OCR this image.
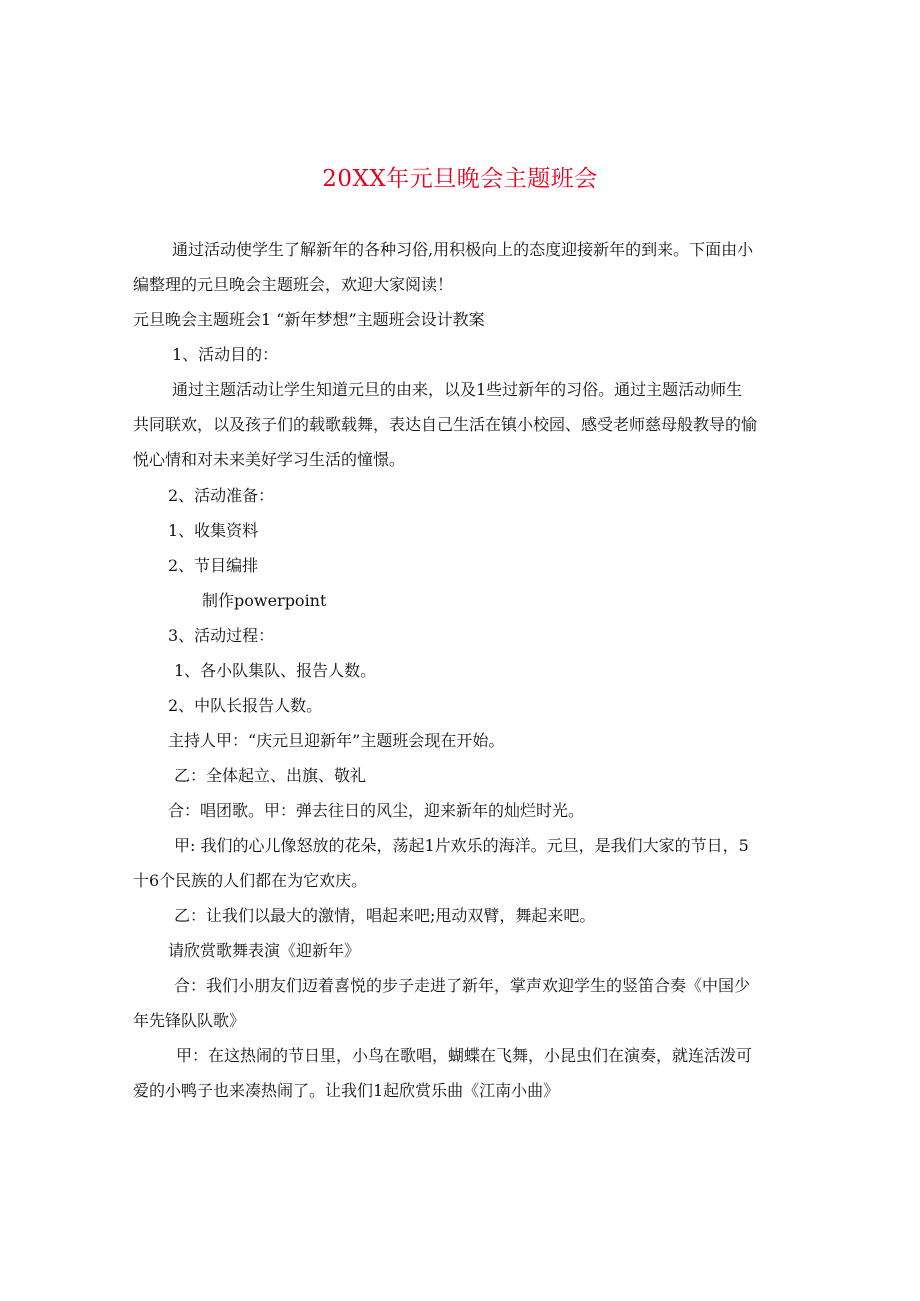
20XX年元旦晚会主题班会
通过活动使学生了解新年的各种习俗,用积极向上的态度迎接新年的到来。下面由小
编整理的元旦晚会主题班会，欢迎大家阅读！
元旦晚会主题班会1 “新年梦想”主题班会设计教案
1、活动目的：
通过主题活动让学生知道元旦的由来，以及1些过新年的习俗。通过主题活动师生
共同联欢，以及孩子们的载歌载舞，表达自己生活在镇小校园、感受老师慈母般教导的愉
悦心情和对未来美好学习生活的憧憬。
2、活动准备：
1、收集资料
2、节目编排
制作powerpoint
3、活动过程：
1、各小队集队、报告人数。
2、中队长报告人数。
主持人甲：“庆元旦迎新年”主题班会现在开始。
乙：全体起立、出旗、敬礼
合：唱团歌。甲：弹去往日的风尘，迎来新年的灿烂时光。
甲: 我们的心儿像怒放的花朵，荡起1片欢乐的海洋。元旦，是我们大家的节日，5
十6个民族的人们都在为它欢庆。
乙：让我们以最大的激情，唱起来吧;甩动双臂，舞起来吧。
请欣赏歌舞表演《迎新年》
合：我们小朋友们迈着喜悦的步子走进了新年，掌声欢迎学生的竖笛合奏《中国少
年先锋队队歌》
甲：在这热闹的节日里，小鸟在歌唱，蝴蝶在飞舞，小昆虫们在演奏，就连活泼可
爱的小鸭子也来凑热闹了。让我们1起欣赏乐曲《江南小曲》
